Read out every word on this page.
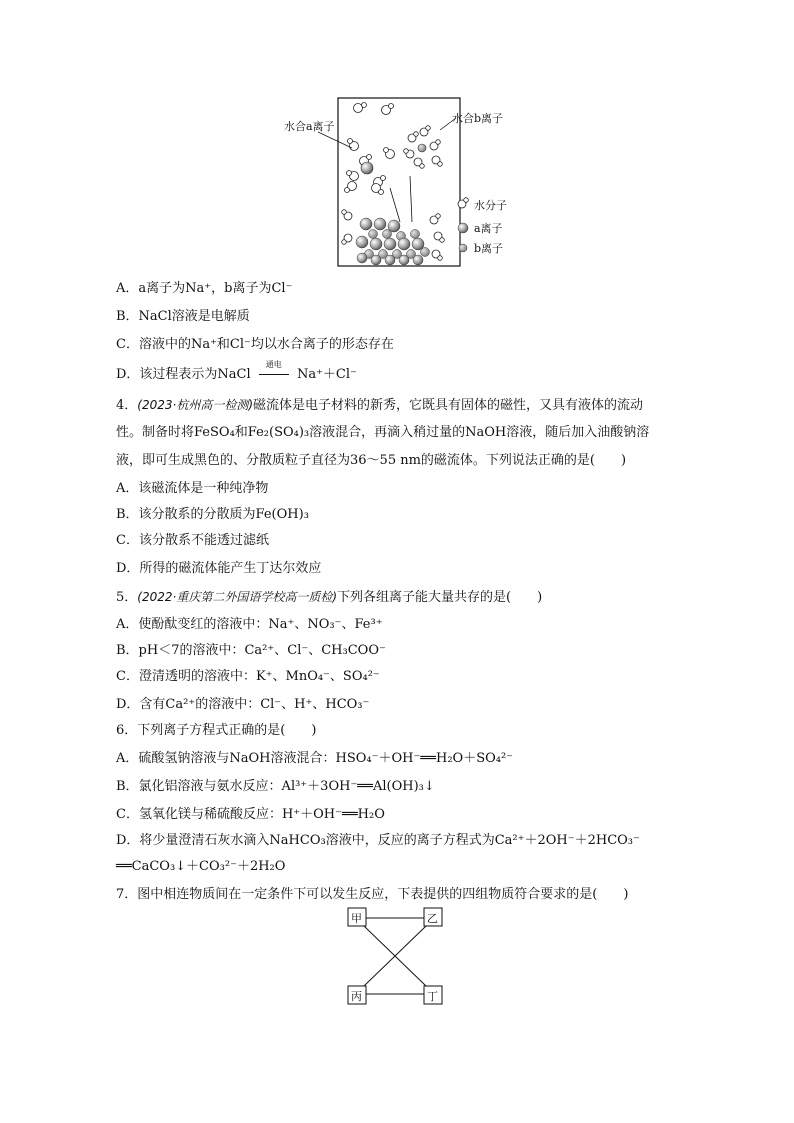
水合a离子
水合b离子
水分子
a离子
b离子
A．a离子为Na⁺，b离子为Cl⁻
B．NaCl溶液是电解质
C．溶液中的Na⁺和Cl⁻均以水合离子的形态存在
D．该过程表示为NaCl
通电
Na⁺＋Cl⁻
4．(2023·杭州高一检测)磁流体是电子材料的新秀，它既具有固体的磁性，又具有液体的流动
性。制备时将FeSO₄和Fe₂(SO₄)₃溶液混合，再滴入稍过量的NaOH溶液，随后加入油酸钠溶
液，即可生成黑色的、分散质粒子直径为36～55 nm的磁流体。下列说法正确的是(　　)
A．该磁流体是一种纯净物
B．该分散系的分散质为Fe(OH)₃
C．该分散系不能透过滤纸
D．所得的磁流体能产生丁达尔效应
5．(2022·重庆第二外国语学校高一质检)下列各组离子能大量共存的是(　　)
A．使酚酞变红的溶液中：Na⁺、NO₃⁻、Fe³⁺
B．pH＜7的溶液中：Ca²⁺、Cl⁻、CH₃COO⁻
C．澄清透明的溶液中：K⁺、MnO₄⁻、SO₄²⁻
D．含有Ca²⁺的溶液中：Cl⁻、H⁺、HCO₃⁻
6．下列离子方程式正确的是(　　)
A．硫酸氢钠溶液与NaOH溶液混合：HSO₄⁻＋OH⁻══H₂O＋SO₄²⁻
B．氯化铝溶液与氨水反应：Al³⁺＋3OH⁻══Al(OH)₃↓
C．氢氧化镁与稀硫酸反应：H⁺＋OH⁻══H₂O
D．将少量澄清石灰水滴入NaHCO₃溶液中，反应的离子方程式为Ca²⁺＋2OH⁻＋2HCO₃⁻
══CaCO₃↓＋CO₃²⁻＋2H₂O
7．图中相连物质间在一定条件下可以发生反应，下表提供的四组物质符合要求的是(　　)
甲	乙
丙	丁
